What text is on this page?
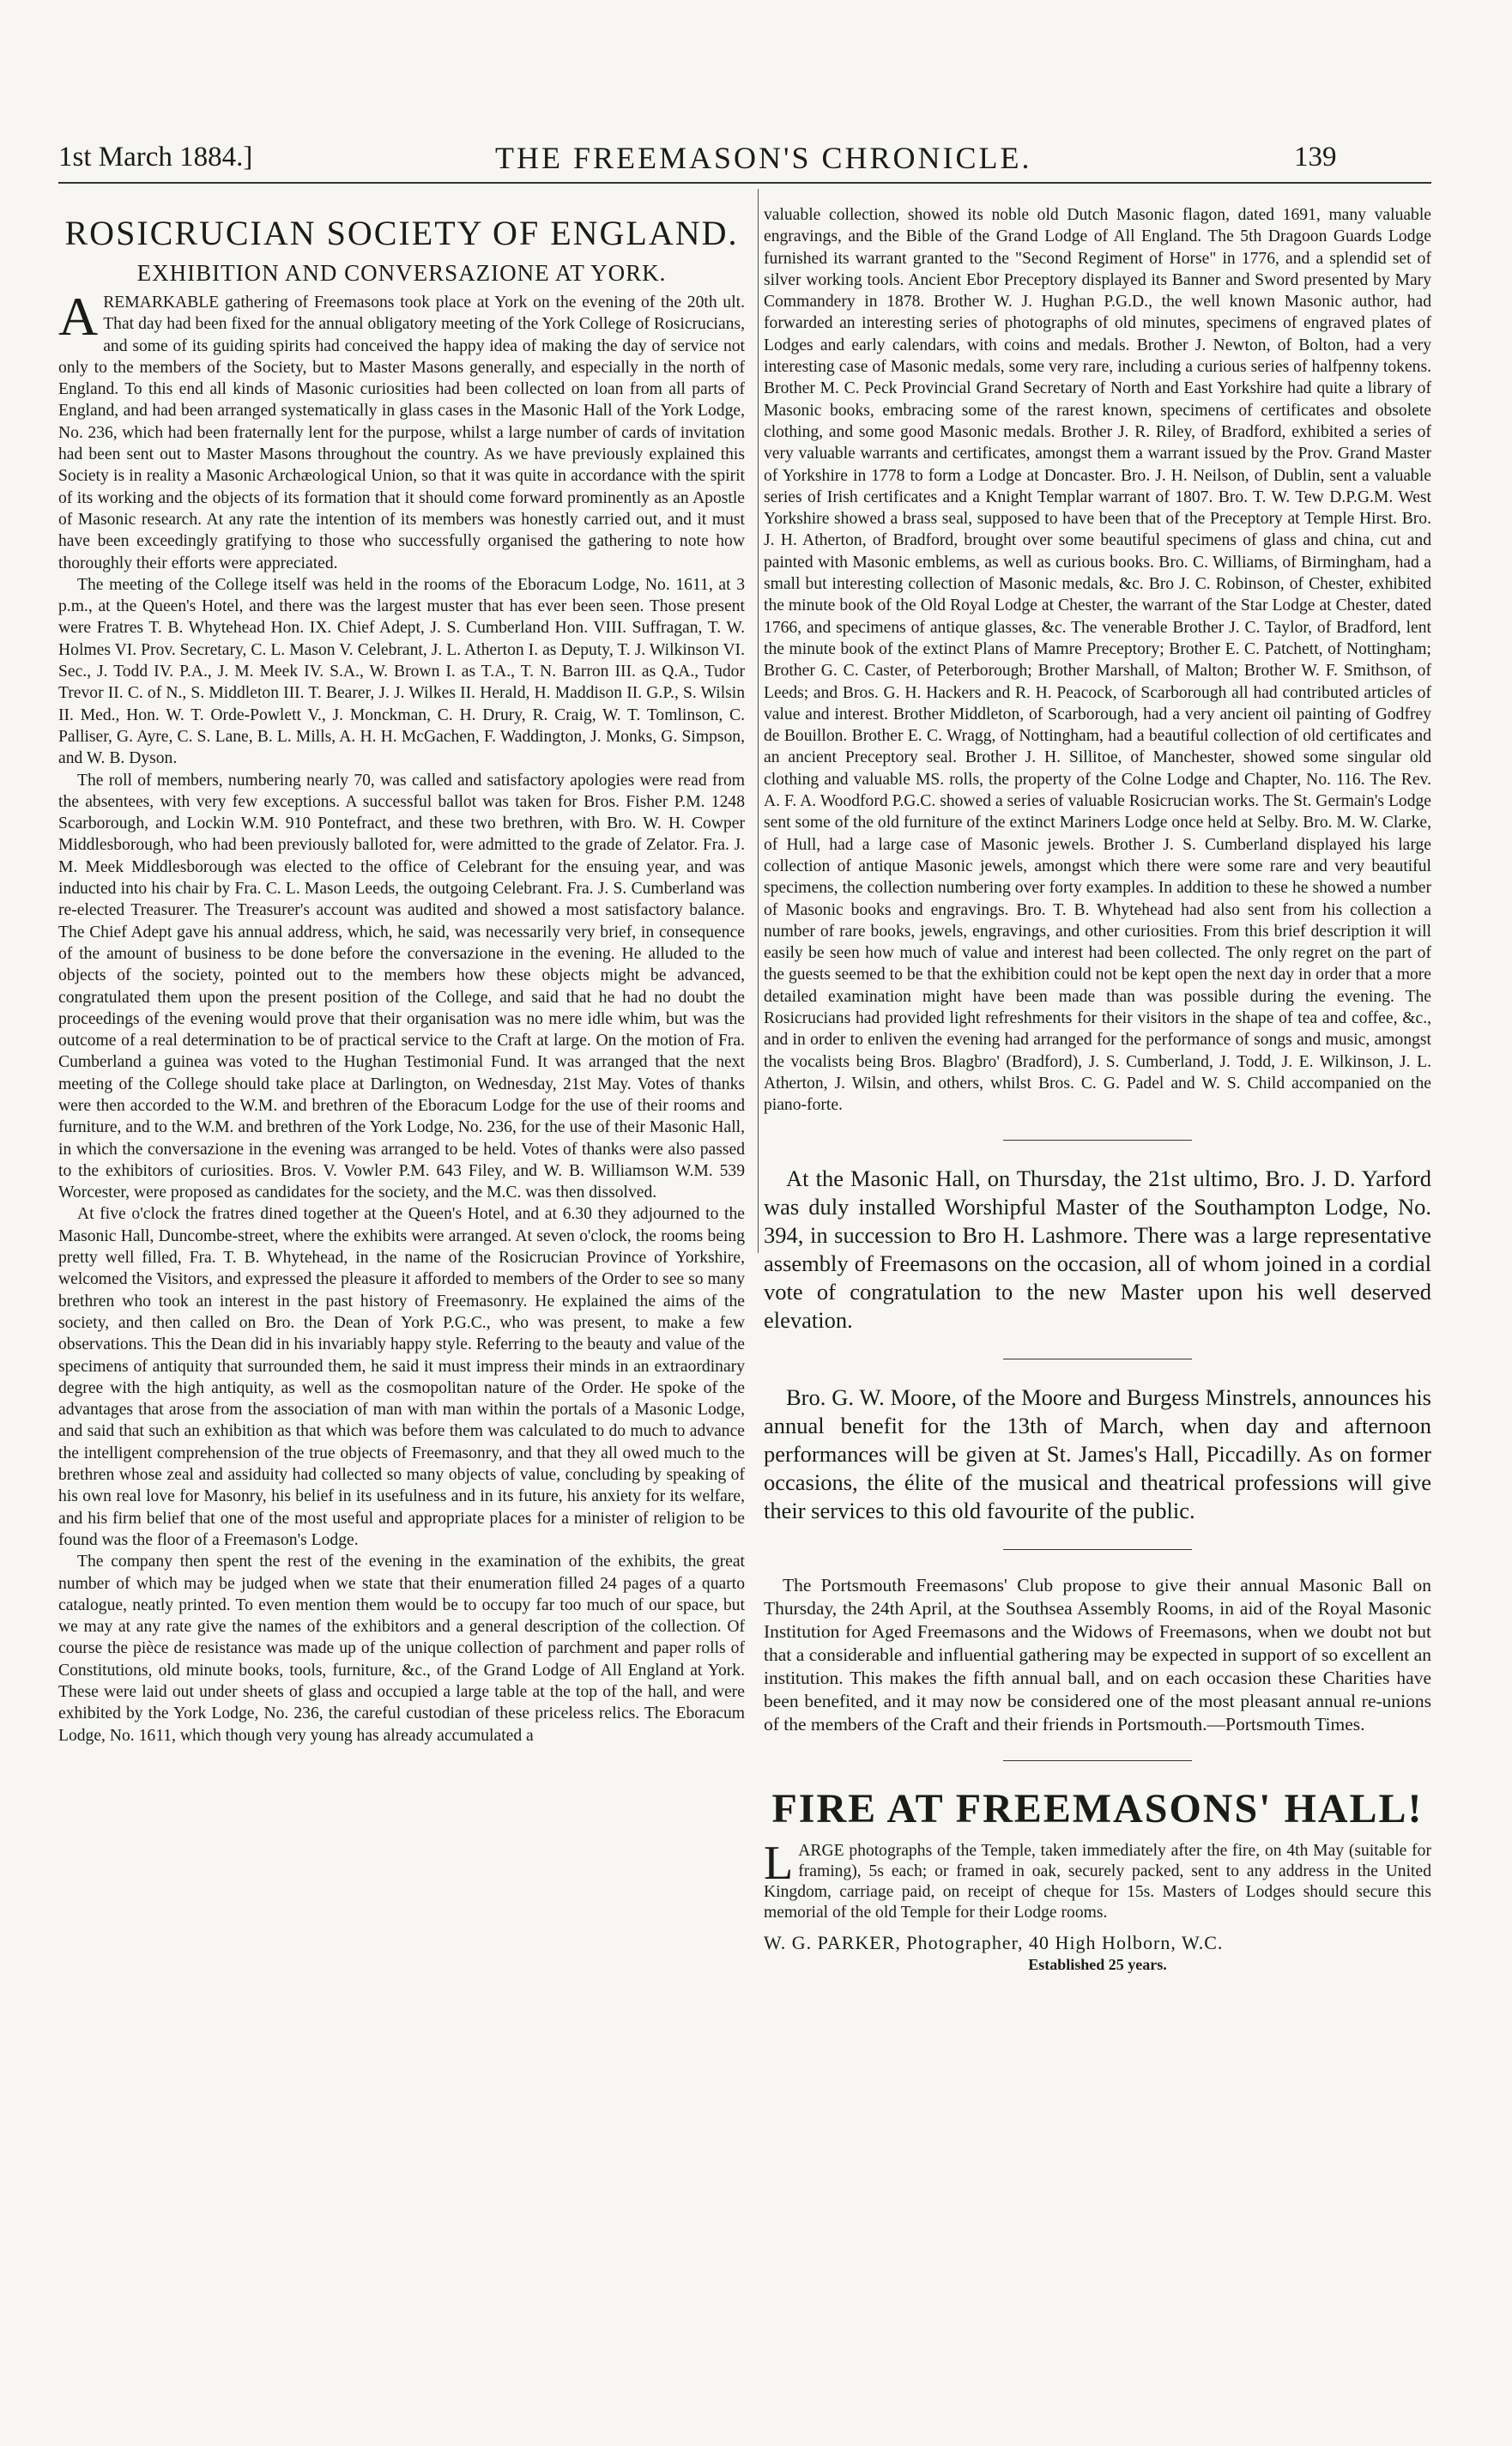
1st March 1884.]	THE FREEMASON'S CHRONICLE.	139
ROSICRUCIAN SOCIETY OF ENGLAND.
EXHIBITION AND CONVERSAZIONE AT YORK.

AREMARKABLE gathering of Freemasons took place at York on the evening of the 20th ult. That day had been fixed for the annual obligatory meeting of the York College of Rosicrucians, and some of its guiding spirits had conceived the happy idea of making the day of service not only to the members of the Society, but to Master Masons generally, and especially in the north of England. To this end all kinds of Masonic curiosities had been collected on loan from all parts of England, and had been arranged systematically in glass cases in the Masonic Hall of the York Lodge, No. 236, which had been fraternally lent for the purpose, whilst a large number of cards of invitation had been sent out to Master Masons throughout the country. As we have previously explained this Society is in reality a Masonic Archæological Union, so that it was quite in accordance with the spirit of its working and the objects of its formation that it should come forward prominently as an Apostle of Masonic research. At any rate the intention of its members was honestly carried out, and it must have been exceedingly gratifying to those who successfully organised the gathering to note how thoroughly their efforts were appreciated.

The meeting of the College itself was held in the rooms of the Eboracum Lodge, No. 1611, at 3 p.m., at the Queen's Hotel, and there was the largest muster that has ever been seen. Those present were Fratres T. B. Whytehead Hon. IX. Chief Adept, J. S. Cumberland Hon. VIII. Suffragan, T. W. Holmes VI. Prov. Secretary, C. L. Mason V. Celebrant, J. L. Atherton I. as Deputy, T. J. Wilkinson VI. Sec., J. Todd IV. P.A., J. M. Meek IV. S.A., W. Brown I. as T.A., T. N. Barron III. as Q.A., Tudor Trevor II. C. of N., S. Middleton III. T. Bearer, J. J. Wilkes II. Herald, H. Maddison II. G.P., S. Wilsin II. Med., Hon. W. T. Orde-Powlett V., J. Monckman, C. H. Drury, R. Craig, W. T. Tomlinson, C. Palliser, G. Ayre, C. S. Lane, B. L. Mills, A. H. H. McGachen, F. Waddington, J. Monks, G. Simpson, and W. B. Dyson.

The roll of members, numbering nearly 70, was called and satisfactory apologies were read from the absentees, with very few exceptions. A successful ballot was taken for Bros. Fisher P.M. 1248 Scarborough, and Lockin W.M. 910 Pontefract, and these two brethren, with Bro. W. H. Cowper Middlesborough, who had been previously balloted for, were admitted to the grade of Zelator. Fra. J. M. Meek Middlesborough was elected to the office of Celebrant for the ensuing year, and was inducted into his chair by Fra. C. L. Mason Leeds, the outgoing Celebrant. Fra. J. S. Cumberland was re-elected Treasurer. The Treasurer's account was audited and showed a most satisfactory balance. The Chief Adept gave his annual address, which, he said, was necessarily very brief, in consequence of the amount of business to be done before the conversazione in the evening. He alluded to the objects of the society, pointed out to the members how these objects might be advanced, congratulated them upon the present position of the College, and said that he had no doubt the proceedings of the evening would prove that their organisation was no mere idle whim, but was the outcome of a real determination to be of practical service to the Craft at large. On the motion of Fra. Cumberland a guinea was voted to the Hughan Testimonial Fund. It was arranged that the next meeting of the College should take place at Darlington, on Wednesday, 21st May. Votes of thanks were then accorded to the W.M. and brethren of the Eboracum Lodge for the use of their rooms and furniture, and to the W.M. and brethren of the York Lodge, No. 236, for the use of their Masonic Hall, in which the conversazione in the evening was arranged to be held. Votes of thanks were also passed to the exhibitors of curiosities. Bros. V. Vowler P.M. 643 Filey, and W. B. Williamson W.M. 539 Worcester, were proposed as candidates for the society, and the M.C. was then dissolved.

At five o'clock the fratres dined together at the Queen's Hotel, and at 6.30 they adjourned to the Masonic Hall, Duncombe-street, where the exhibits were arranged. At seven o'clock, the rooms being pretty well filled, Fra. T. B. Whytehead, in the name of the Rosicrucian Province of Yorkshire, welcomed the Visitors, and expressed the pleasure it afforded to members of the Order to see so many brethren who took an interest in the past history of Freemasonry. He explained the aims of the society, and then called on Bro. the Dean of York P.G.C., who was present, to make a few observations. This the Dean did in his invariably happy style. Referring to the beauty and value of the specimens of antiquity that surrounded them, he said it must impress their minds in an extraordinary degree with the high antiquity, as well as the cosmopolitan nature of the Order. He spoke of the advantages that arose from the association of man with man within the portals of a Masonic Lodge, and said that such an exhibition as that which was before them was calculated to do much to advance the intelligent comprehension of the true objects of Freemasonry, and that they all owed much to the brethren whose zeal and assiduity had collected so many objects of value, concluding by speaking of his own real love for Masonry, his belief in its usefulness and in its future, his anxiety for its welfare, and his firm belief that one of the most useful and appropriate places for a minister of religion to be found was the floor of a Freemason's Lodge.

The company then spent the rest of the evening in the examination of the exhibits, the great number of which may be judged when we state that their enumeration filled 24 pages of a quarto catalogue, neatly printed. To even mention them would be to occupy far too much of our space, but we may at any rate give the names of the exhibitors and a general description of the collection. Of course the pièce de resistance was made up of the unique collection of parchment and paper rolls of Constitutions, old minute books, tools, furniture, &c., of the Grand Lodge of All England at York. These were laid out under sheets of glass and occupied a large table at the top of the hall, and were exhibited by the York Lodge, No. 236, the careful custodian of these priceless relics. The Eboracum Lodge, No. 1611, which though very young has already accumulated a

valuable collection, showed its noble old Dutch Masonic flagon, dated 1691, many valuable engravings, and the Bible of the Grand Lodge of All England. The 5th Dragoon Guards Lodge furnished its warrant granted to the "Second Regiment of Horse" in 1776, and a splendid set of silver working tools. Ancient Ebor Preceptory displayed its Banner and Sword presented by Mary Commandery in 1878. Brother W. J. Hughan P.G.D., the well known Masonic author, had forwarded an interesting series of photographs of old minutes, specimens of engraved plates of Lodges and early calendars, with coins and medals. Brother J. Newton, of Bolton, had a very interesting case of Masonic medals, some very rare, including a curious series of halfpenny tokens. Brother M. C. Peck Provincial Grand Secretary of North and East Yorkshire had quite a library of Masonic books, embracing some of the rarest known, specimens of certificates and obsolete clothing, and some good Masonic medals. Brother J. R. Riley, of Bradford, exhibited a series of very valuable warrants and certificates, amongst them a warrant issued by the Prov. Grand Master of Yorkshire in 1778 to form a Lodge at Doncaster. Bro. J. H. Neilson, of Dublin, sent a valuable series of Irish certificates and a Knight Templar warrant of 1807. Bro. T. W. Tew D.P.G.M. West Yorkshire showed a brass seal, supposed to have been that of the Preceptory at Temple Hirst. Bro. J. H. Atherton, of Bradford, brought over some beautiful specimens of glass and china, cut and painted with Masonic emblems, as well as curious books. Bro. C. Williams, of Birmingham, had a small but interesting collection of Masonic medals, &c. Bro J. C. Robinson, of Chester, exhibited the minute book of the Old Royal Lodge at Chester, the warrant of the Star Lodge at Chester, dated 1766, and specimens of antique glasses, &c. The venerable Brother J. C. Taylor, of Bradford, lent the minute book of the extinct Plans of Mamre Preceptory; Brother E. C. Patchett, of Nottingham; Brother G. C. Caster, of Peterborough; Brother Marshall, of Malton; Brother W. F. Smithson, of Leeds; and Bros. G. H. Hackers and R. H. Peacock, of Scarborough all had contributed articles of value and interest. Brother Middleton, of Scarborough, had a very ancient oil painting of Godfrey de Bouillon. Brother E. C. Wragg, of Nottingham, had a beautiful collection of old certificates and an ancient Preceptory seal. Brother J. H. Sillitoe, of Manchester, showed some singular old clothing and valuable MS. rolls, the property of the Colne Lodge and Chapter, No. 116. The Rev. A. F. A. Woodford P.G.C. showed a series of valuable Rosicrucian works. The St. Germain's Lodge sent some of the old furniture of the extinct Mariners Lodge once held at Selby. Bro. M. W. Clarke, of Hull, had a large case of Masonic jewels. Brother J. S. Cumberland displayed his large collection of antique Masonic jewels, amongst which there were some rare and very beautiful specimens, the collection numbering over forty examples. In addition to these he showed a number of Masonic books and engravings. Bro. T. B. Whytehead had also sent from his collection a number of rare books, jewels, engravings, and other curiosities. From this brief description it will easily be seen how much of value and interest had been collected. The only regret on the part of the guests seemed to be that the exhibition could not be kept open the next day in order that a more detailed examination might have been made than was possible during the evening. The Rosicrucians had provided light refreshments for their visitors in the shape of tea and coffee, &c., and in order to enliven the evening had arranged for the performance of songs and music, amongst the vocalists being Bros. Blagbro' (Bradford), J. S. Cumberland, J. Todd, J. E. Wilkinson, J. L. Atherton, J. Wilsin, and others, whilst Bros. C. G. Padel and W. S. Child accompanied on the piano-forte.

At the Masonic Hall, on Thursday, the 21st ultimo, Bro. J. D. Yarford was duly installed Worshipful Master of the Southampton Lodge, No. 394, in succession to Bro H. Lashmore. There was a large representative assembly of Freemasons on the occasion, all of whom joined in a cordial vote of congratulation to the new Master upon his well deserved elevation.

Bro. G. W. Moore, of the Moore and Burgess Minstrels, announces his annual benefit for the 13th of March, when day and afternoon performances will be given at St. James's Hall, Piccadilly. As on former occasions, the élite of the musical and theatrical professions will give their services to this old favourite of the public.

The Portsmouth Freemasons' Club propose to give their annual Masonic Ball on Thursday, the 24th April, at the Southsea Assembly Rooms, in aid of the Royal Masonic Institution for Aged Freemasons and the Widows of Freemasons, when we doubt not but that a considerable and influential gathering may be expected in support of so excellent an institution. This makes the fifth annual ball, and on each occasion these Charities have been benefited, and it may now be considered one of the most pleasant annual re-unions of the members of the Craft and their friends in Portsmouth.—Portsmouth Times.

FIRE AT FREEMASONS' HALL!

LARGE photographs of the Temple, taken immediately after the fire, on 4th May (suitable for framing), 5s each; or framed in oak, securely packed, sent to any address in the United Kingdom, carriage paid, on receipt of cheque for 15s. Masters of Lodges should secure this memorial of the old Temple for their Lodge rooms.

W. G. PARKER, Photographer, 40 High Holborn, W.C.
Established 25 years.
